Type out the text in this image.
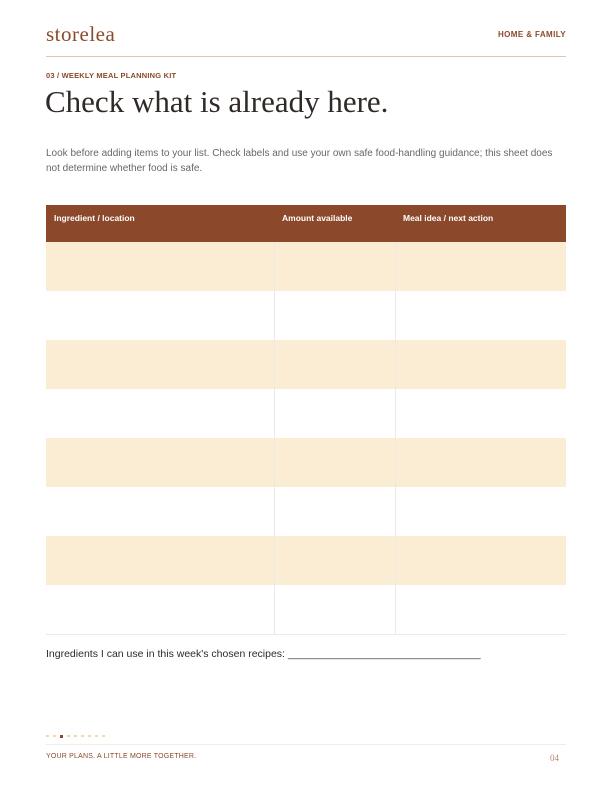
storelea	HOME & FAMILY
03 / WEEKLY MEAL PLANNING KIT
Check what is already here.
Look before adding items to your list. Check labels and use your own safe food-handling guidance; this sheet does not determine whether food is safe.
Ingredient / location	Amount available	Meal idea / next action

Ingredients I can use in this week's chosen recipes: _________________________________
YOUR PLANS. A LITTLE MORE TOGETHER.	04
